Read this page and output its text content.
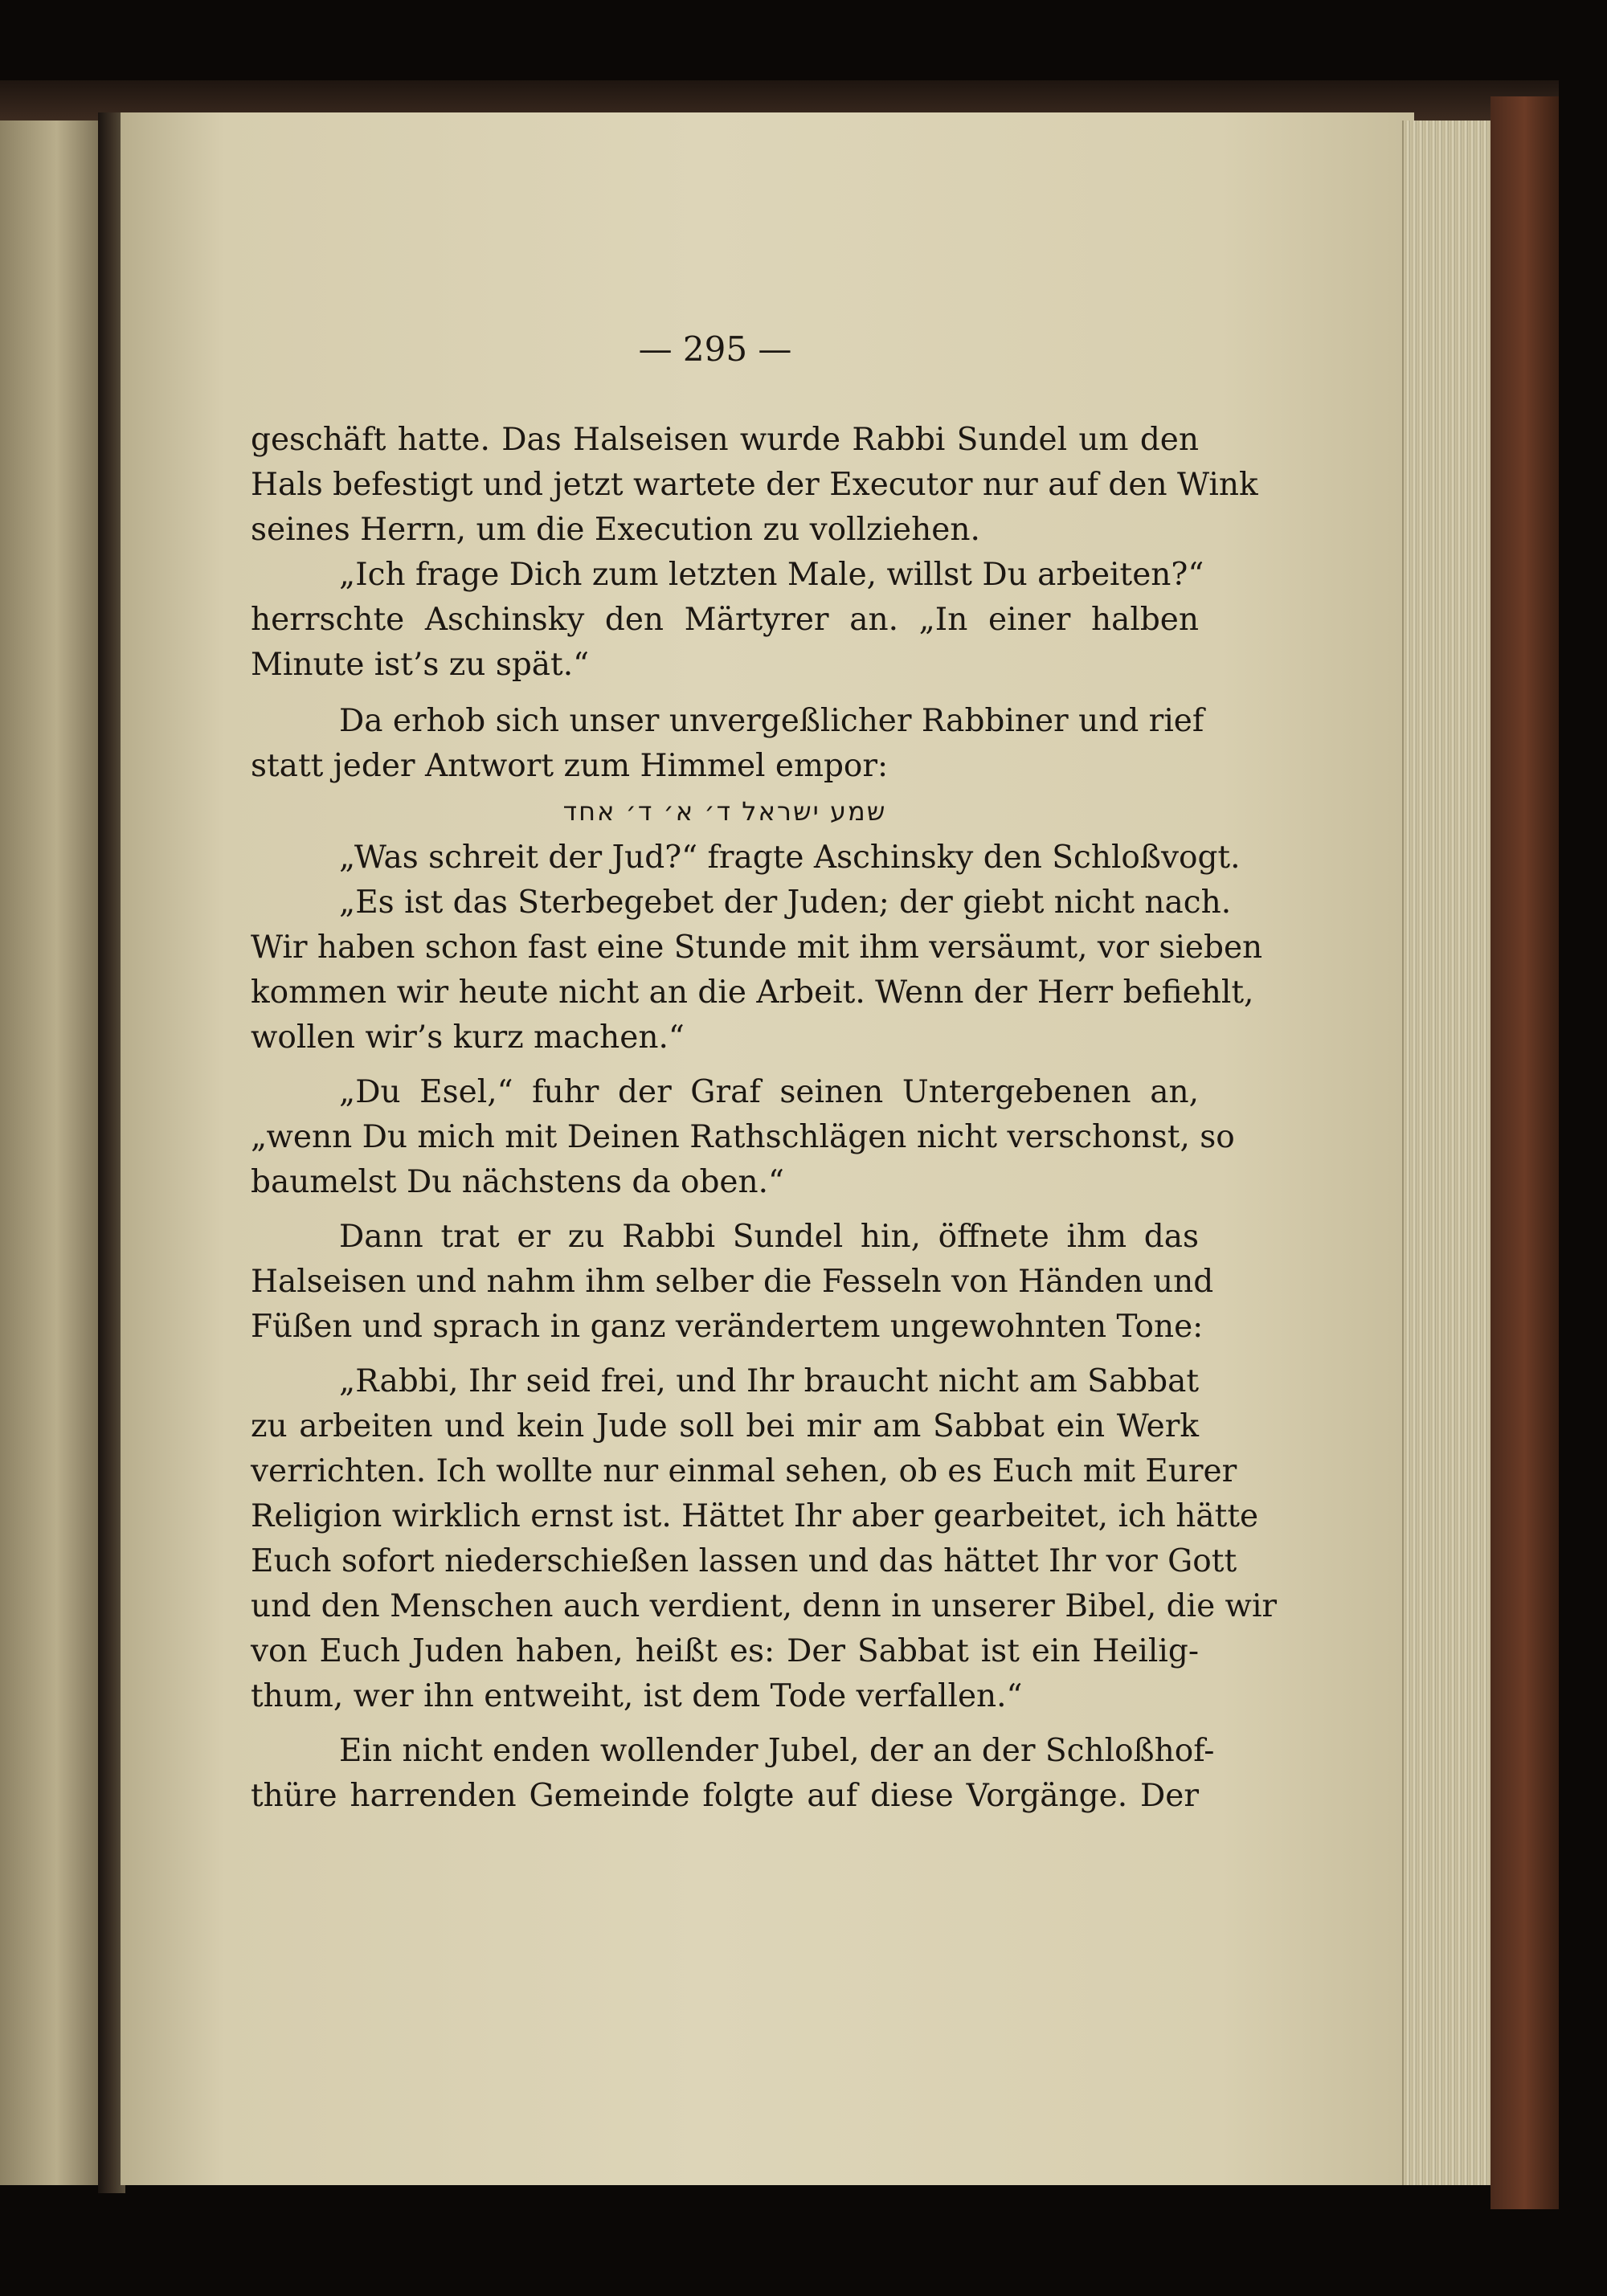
— 295 —
geschäft hatte. Das Halseisen wurde Rabbi Sundel um den
Hals befestigt und jetzt wartete der Executor nur auf den Wink
seines Herrn, um die Execution zu vollziehen.
„Ich frage Dich zum letzten Male, willst Du arbeiten?“
herrschte Aschinsky den Märtyrer an. „In einer halben
Minute ist’s zu spät.“
Da erhob sich unser unvergeßlicher Rabbiner und rief
statt jeder Antwort zum Himmel empor:
שמע ישראל ד׳ א׳ ד׳ אחד
„Was schreit der Jud?“ fragte Aschinsky den Schloßvogt.
„Es ist das Sterbegebet der Juden; der giebt nicht nach.
Wir haben schon fast eine Stunde mit ihm versäumt, vor sieben
kommen wir heute nicht an die Arbeit. Wenn der Herr befiehlt,
wollen wir’s kurz machen.“
„Du Esel,“ fuhr der Graf seinen Untergebenen an,
„wenn Du mich mit Deinen Rathschlägen nicht verschonst, so
baumelst Du nächstens da oben.“
Dann trat er zu Rabbi Sundel hin, öffnete ihm das
Halseisen und nahm ihm selber die Fesseln von Händen und
Füßen und sprach in ganz verändertem ungewohnten Tone:
„Rabbi, Ihr seid frei, und Ihr braucht nicht am Sabbat
zu arbeiten und kein Jude soll bei mir am Sabbat ein Werk
verrichten. Ich wollte nur einmal sehen, ob es Euch mit Eurer
Religion wirklich ernst ist. Hättet Ihr aber gearbeitet, ich hätte
Euch sofort niederschießen lassen und das hättet Ihr vor Gott
und den Menschen auch verdient, denn in unserer Bibel, die wir
von Euch Juden haben, heißt es: Der Sabbat ist ein Heilig-
thum, wer ihn entweiht, ist dem Tode verfallen.“
Ein nicht enden wollender Jubel, der an der Schloßhof-
thüre harrenden Gemeinde folgte auf diese Vorgänge. Der
